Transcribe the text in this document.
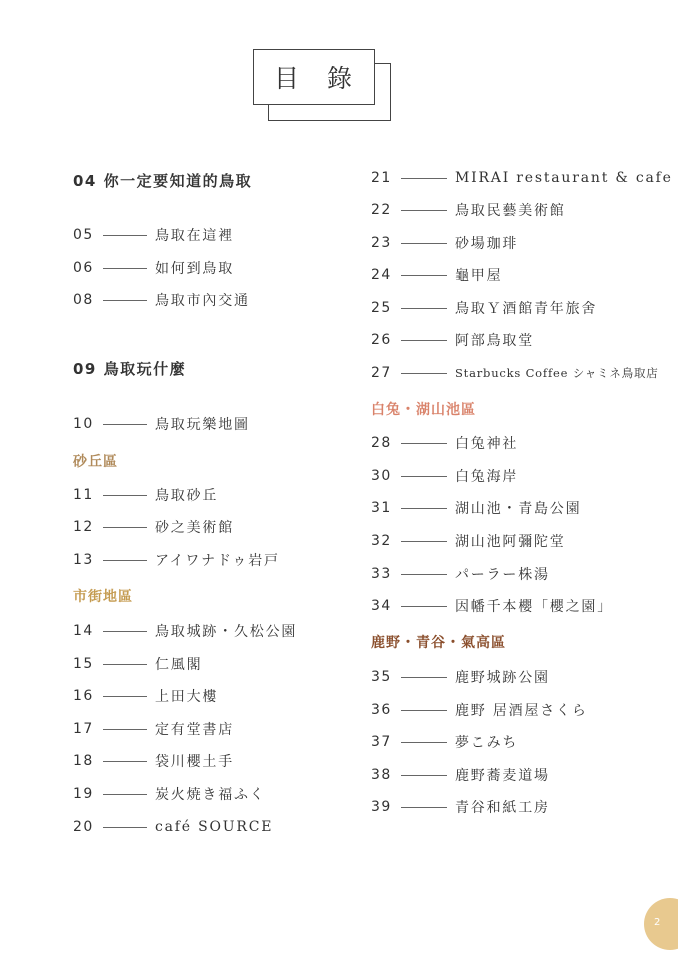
目 錄
04 你一定要知道的鳥取
05	鳥取在這裡
06	如何到鳥取
08	鳥取市內交通
09 鳥取玩什麼
10	鳥取玩樂地圖
砂丘區
11	鳥取砂丘
12	砂之美術館
13	アイワナドゥ岩戸
市街地區
14	鳥取城跡・久松公園
15	仁風閣
16	上田大樓
17	定有堂書店
18	袋川櫻土手
19	炭火焼き福ふく
20	café SOURCE
21	MIRAI restaurant & cafe
22	鳥取民藝美術館
23	砂場珈琲
24	龜甲屋
25	鳥取Ｙ酒館青年旅舍
26	阿部鳥取堂
27	Starbucks Coffee シャミネ鳥取店
白兔・湖山池區
28	白兔神社
30	白兔海岸
31	湖山池・青島公園
32	湖山池阿彌陀堂
33	パーラー株湯
34	因幡千本櫻「櫻之園」
鹿野・青谷・氣高區
35	鹿野城跡公園
36	鹿野 居酒屋さくら
37	夢こみち
38	鹿野蕎麦道場
39	青谷和紙工房
2
